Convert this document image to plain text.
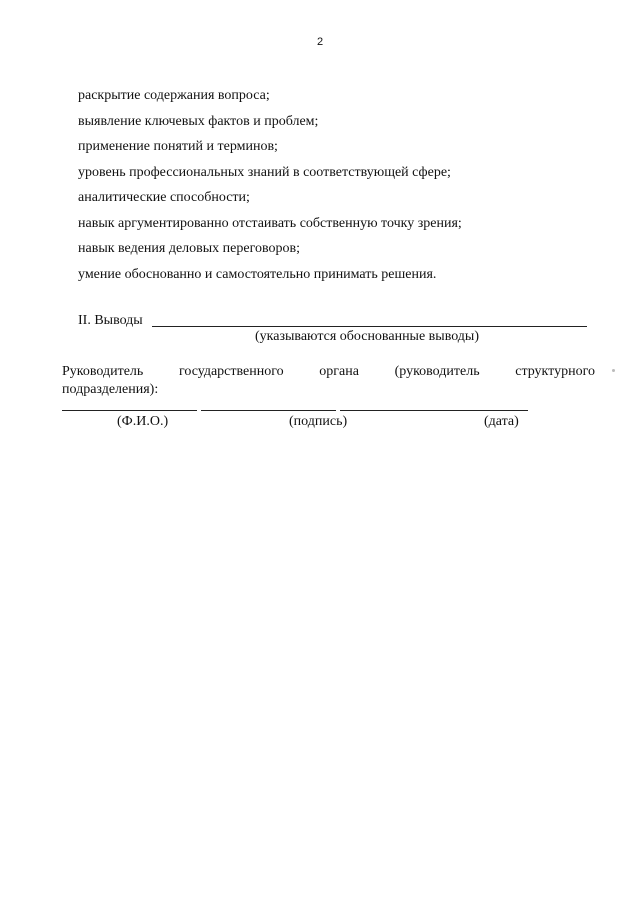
2
раскрытие содержания вопроса;
выявление ключевых фактов и проблем;
применение понятий и терминов;
уровень профессиональных знаний в соответствующей сфере;
аналитические способности;
навык аргументированно отстаивать собственную точку зрения;
навык ведения деловых переговоров;
умение обоснованно и самостоятельно принимать решения.
II. Выводы
(указываются обоснованные выводы)
Руководитель	государственного	органа	(руководитель	структурного
подразделения):
(Ф.И.О.)	(подпись)	(дата)
